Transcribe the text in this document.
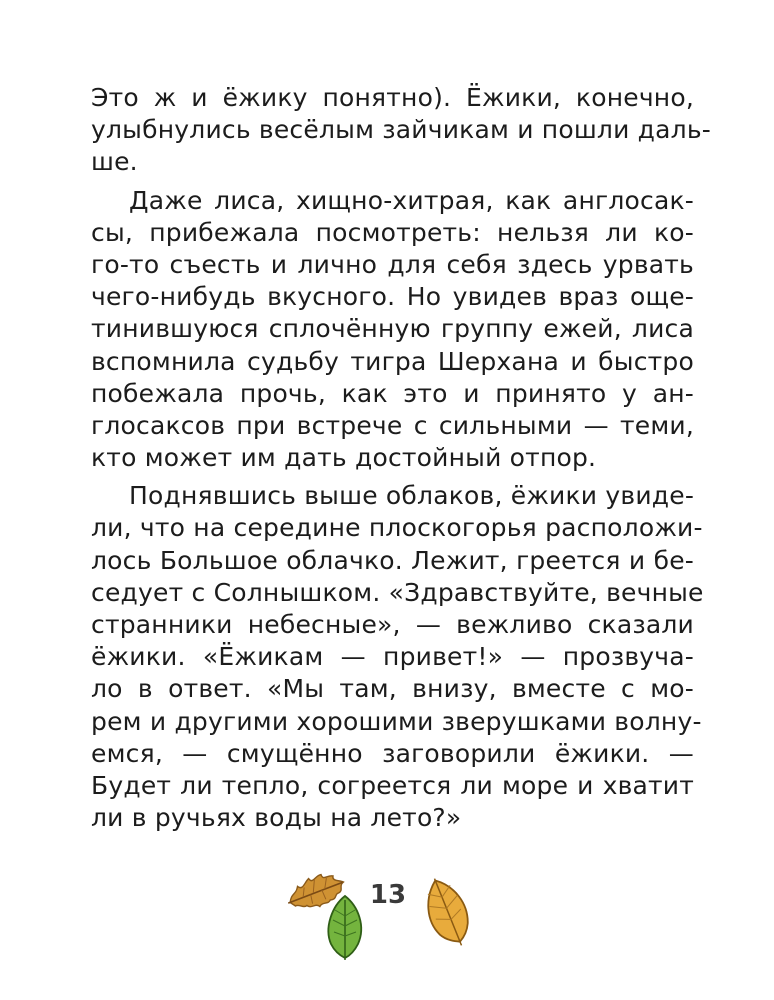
Это ж и ёжику понятно). Ёжики, конечно,
улыбнулись весёлым зайчикам и пошли даль-
ше.
Даже лиса, хищно-хитрая, как англосак-
сы, прибежала посмотреть: нельзя ли ко-
го-то съесть и лично для себя здесь урвать
чего-нибудь вкусного. Но увидев враз още-
тинившуюся сплочённую группу ежей, лиса
вспомнила судьбу тигра Шерхана и быстро
побежала прочь, как это и принято у ан-
глосаксов при встрече с сильными — теми,
кто может им дать достойный отпор.
Поднявшись выше облаков, ёжики увиде-
ли, что на середине плоскогорья расположи-
лось Большое облачко. Лежит, греется и бе-
седует с Солнышком. «Здравствуйте, вечные
странники небесные», — вежливо сказали
ёжики. «Ёжикам — привет!» — прозвуча-
ло в ответ. «Мы там, внизу, вместе с мо-
рем и другими хорошими зверушками волну-
емся, — смущённо заговорили ёжики. —
Будет ли тепло, согреется ли море и хватит
ли в ручьях воды на лето?»
13
